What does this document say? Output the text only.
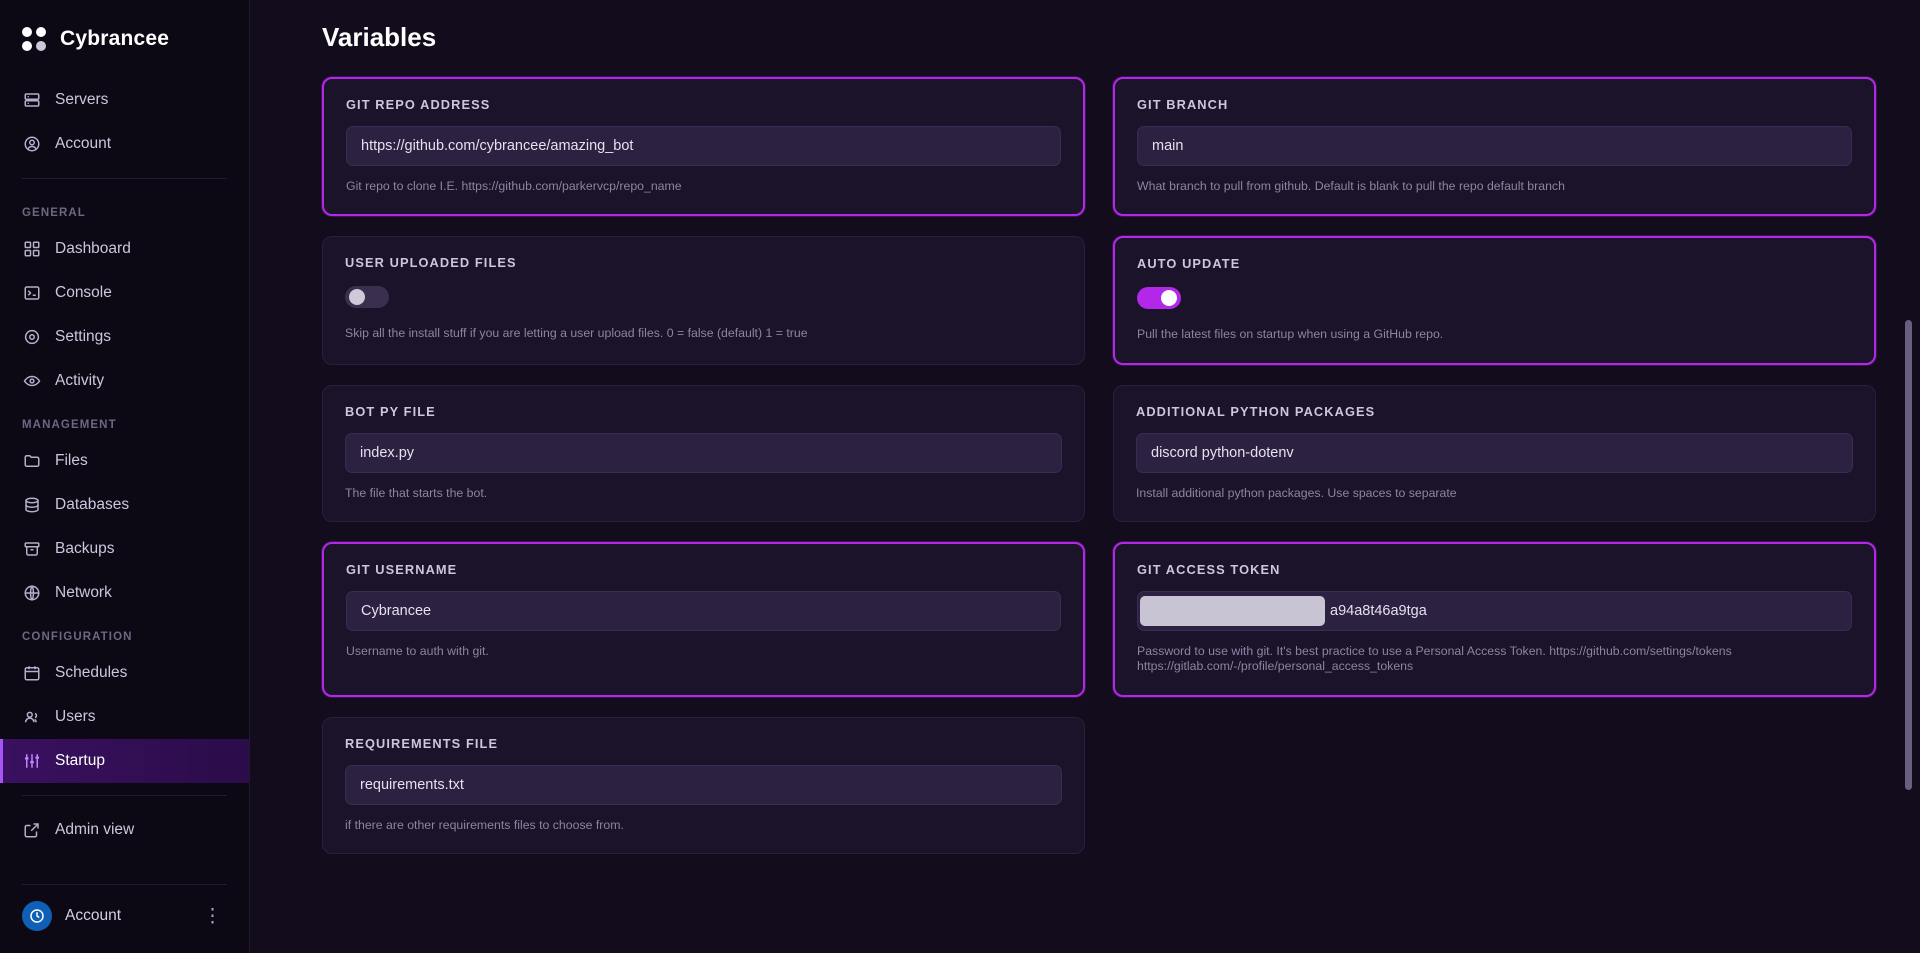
Cybrancee
Servers
Account
GENERAL
Dashboard
Console
Settings
Activity
MANAGEMENT
Files
Databases
Backups
Network
CONFIGURATION
Schedules
Users
Startup
Admin view
Account	⋮
Variables
GIT REPO ADDRESS
https://github.com/cybrancee/amazing_bot
Git repo to clone I.E. https://github.com/parkervcp/repo_name
GIT BRANCH
main
What branch to pull from github. Default is blank to pull the repo default branch
USER UPLOADED FILES
Skip all the install stuff if you are letting a user upload files. 0 = false (default) 1 = true
AUTO UPDATE
Pull the latest files on startup when using a GitHub repo.
BOT PY FILE
index.py
The file that starts the bot.
ADDITIONAL PYTHON PACKAGES
discord python-dotenv
Install additional python packages. Use spaces to separate
GIT USERNAME
Cybrancee
Username to auth with git.
GIT ACCESS TOKEN
a94a8t46a9tga
Password to use with git. It's best practice to use a Personal Access Token. https://github.com/settings/tokens https://gitlab.com/-/profile/personal_access_tokens
REQUIREMENTS FILE
requirements.txt
if there are other requirements files to choose from.
